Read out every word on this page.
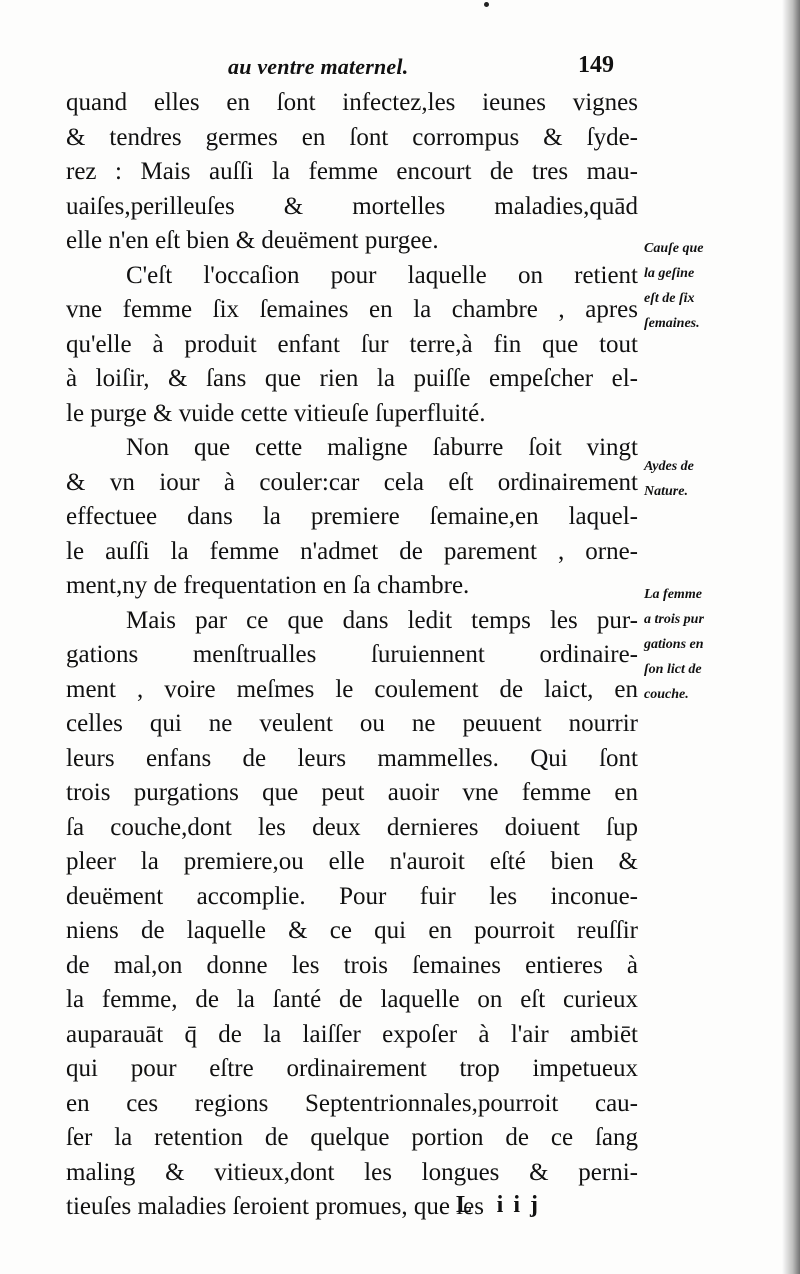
au ventre maternel.	149
quand elles en ſont infectez,les ieunes vignes
& tendres germes en ſont corrompus & ſyde-
rez : Mais auſſi la femme encourt de tres mau-
uaiſes,perilleuſes & mortelles maladies,quād
elle n'en eſt bien & deuëment purgee.
C'eſt l'occaſion pour laquelle on retient
vne femme ſix ſemaines en la chambre , apres
qu'elle à produit enfant ſur terre,à fin que tout
à loiſir, & ſans que rien la puiſſe empeſcher el-
le purge & vuide cette vitieuſe ſuperfluité.
Non que cette maligne ſaburre ſoit vingt
& vn iour à couler:car cela eſt ordinairement
effectuee dans la premiere ſemaine,en laquel-
le auſſi la femme n'admet de parement , orne-
ment,ny de frequentation en ſa chambre.
Mais par ce que dans ledit temps les pur-
gations menſtrualles ſuruiennent ordinaire-
ment , voire meſmes le coulement de laict, en
celles qui ne veulent ou ne peuuent nourrir
leurs enfans de leurs mammelles. Qui ſont
trois purgations que peut auoir vne femme en
ſa couche,dont les deux dernieres doiuent ſup
pleer la premiere,ou elle n'auroit eſté bien &
deuëment accomplie. Pour fuir les inconue-
niens de laquelle & ce qui en pourroit reuſſir
de mal,on donne les trois ſemaines entieres à
la femme, de la ſanté de laquelle on eſt curieux
auparauāt q̄ de la laiſſer expoſer à l'air ambiēt
qui pour eſtre ordinairement trop impetueux
en ces regions Septentrionnales,pourroit cau-
ſer la retention de quelque portion de ce ſang
maling & vitieux,dont les longues & perni-
tieuſes maladies ſeroient promues, que les
Cauſe que
la geſine
eſt de ſix
ſemaines.
Aydes de
Nature.
La femme
a trois pur
gations en
ſon lict de
couche.
L iij
